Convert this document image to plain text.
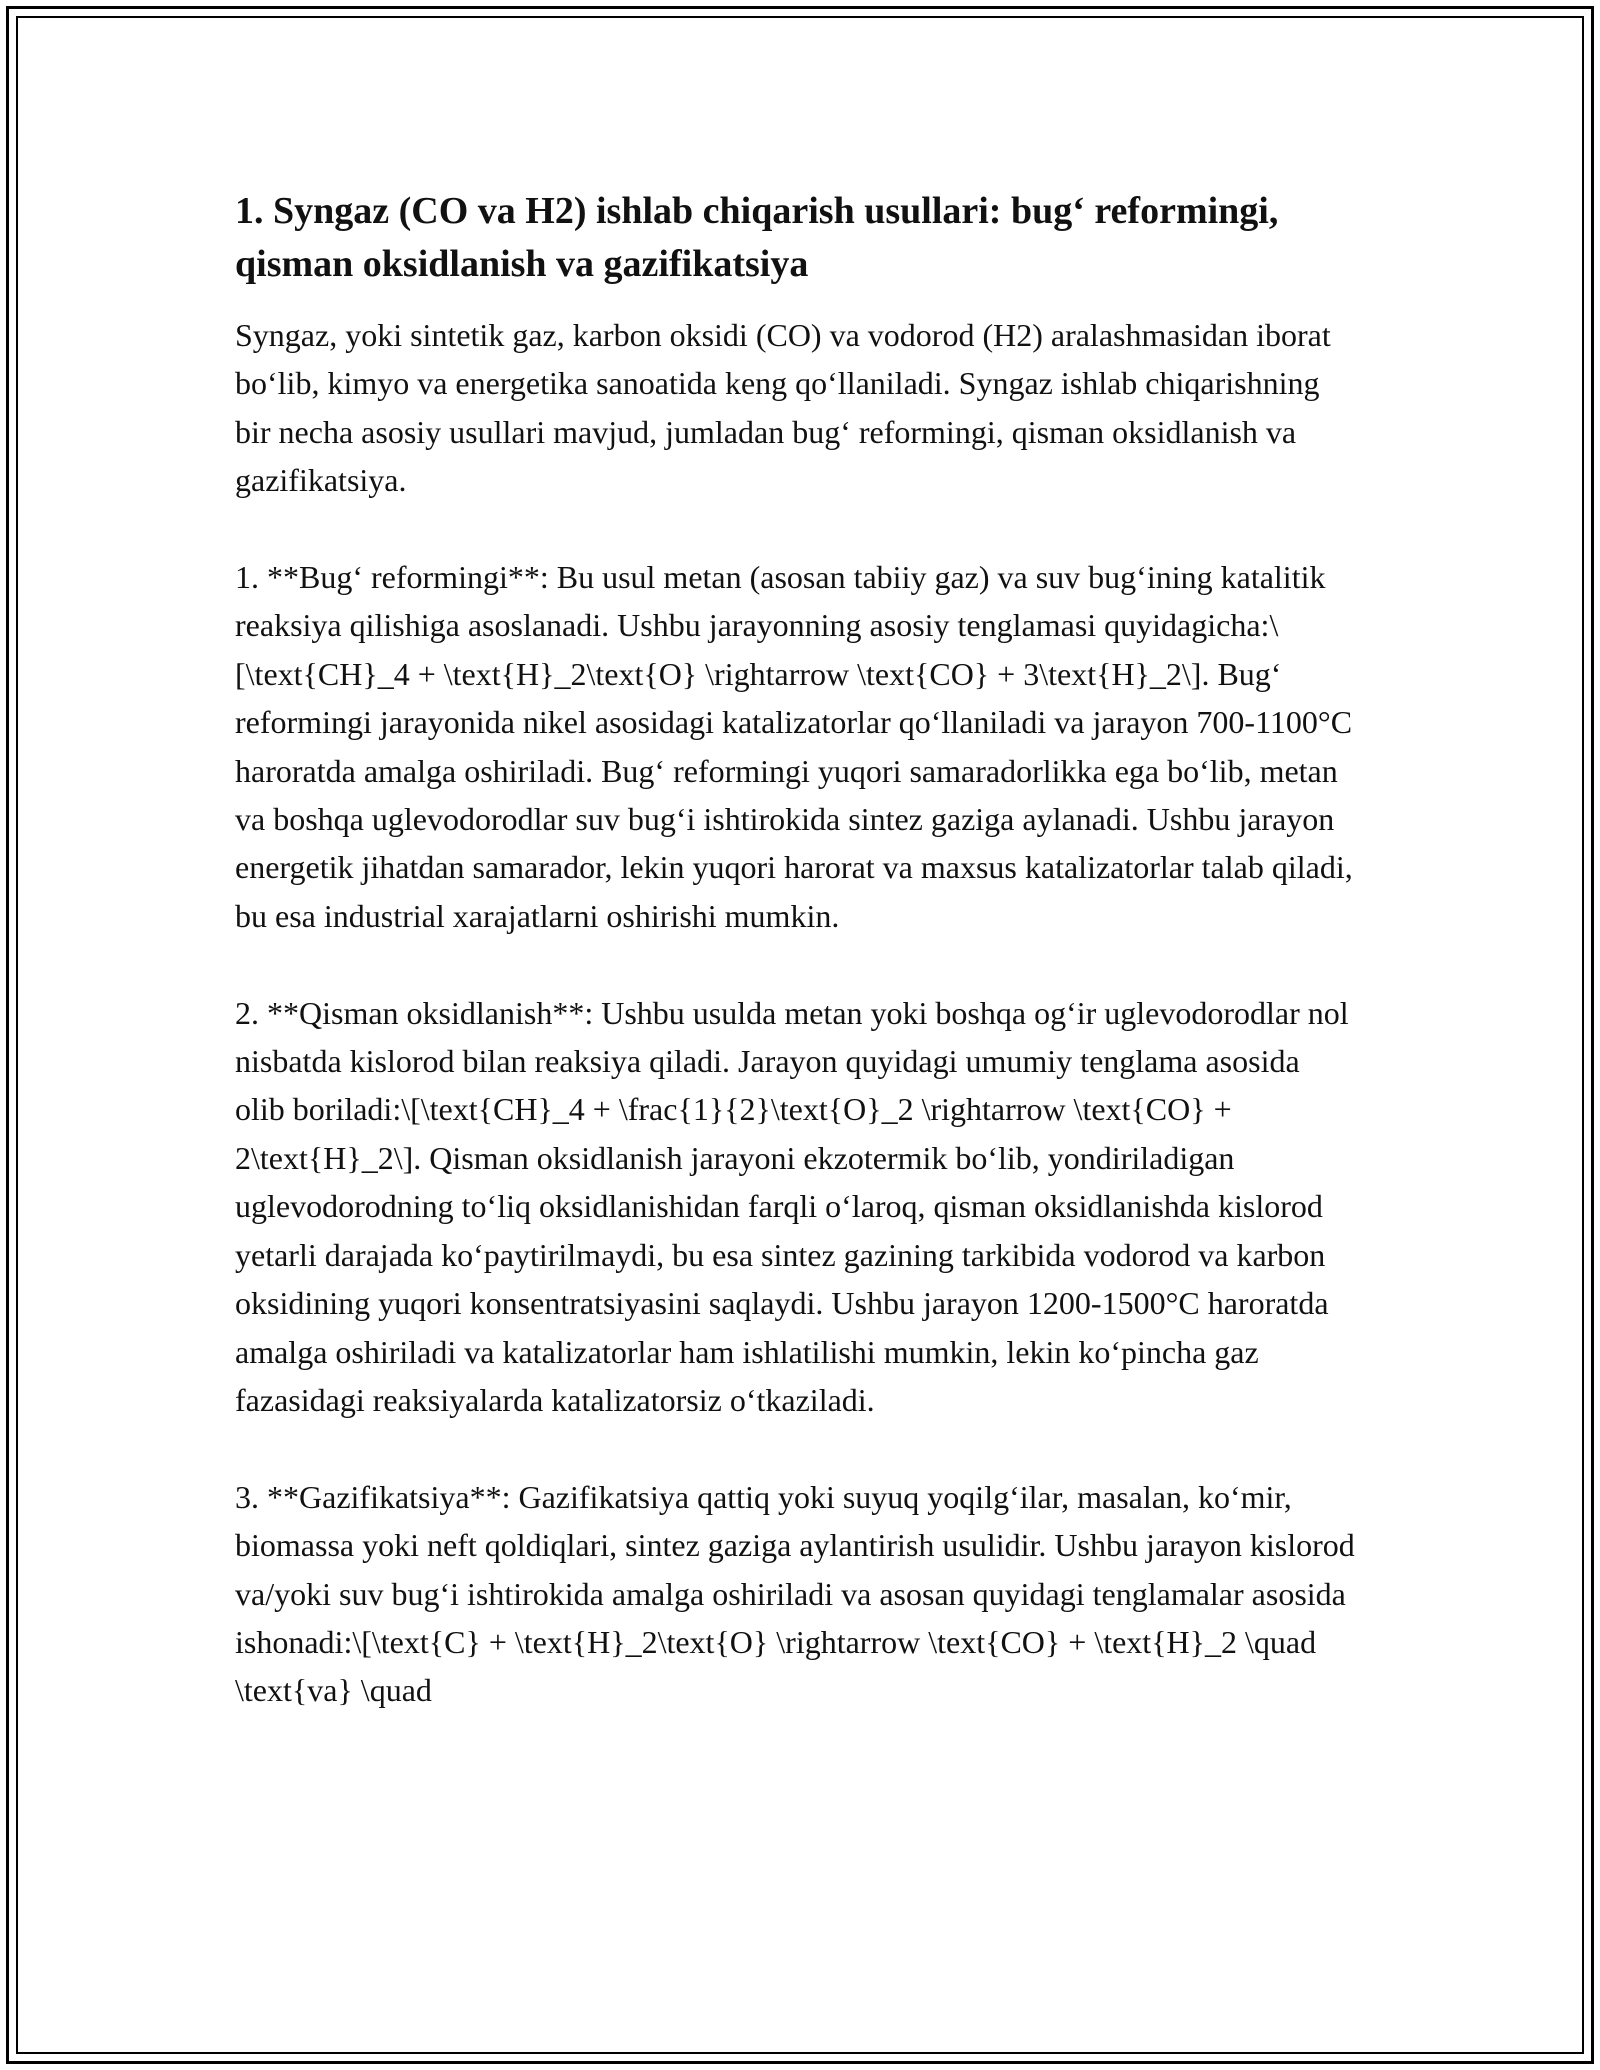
1. Syngaz (CO va H2) ishlab chiqarish usullari: bug‘ reformingi, qisman oksidlanish va gazifikatsiya

Syngaz, yoki sintetik gaz, karbon oksidi (CO) va vodorod (H2) aralashmasidan iborat bo‘lib, kimyo va energetika sanoatida keng qo‘llaniladi. Syngaz ishlab chiqarishning bir necha asosiy usullari mavjud, jumladan bug‘ reformingi, qisman oksidlanish va gazifikatsiya.

1. **Bug‘ reformingi**: Bu usul metan (asosan tabiiy gaz) va suv bug‘ining katalitik reaksiya qilishiga asoslanadi. Ushbu jarayonning asosiy tenglamasi quyidagicha:\[\text{CH}_4 + \text{H}_2\text{O} \rightarrow \text{CO} + 3\text{H}_2\]. Bug‘ reformingi jarayonida nikel asosidagi katalizatorlar qo‘llaniladi va jarayon 700-1100°C haroratda amalga oshiriladi. Bug‘ reformingi yuqori samaradorlikka ega bo‘lib, metan va boshqa uglevodorodlar suv bug‘i ishtirokida sintez gaziga aylanadi. Ushbu jarayon energetik jihatdan samarador, lekin yuqori harorat va maxsus katalizatorlar talab qiladi, bu esa industrial xarajatlarni oshirishi mumkin.

2. **Qisman oksidlanish**: Ushbu usulda metan yoki boshqa og‘ir uglevodorodlar nol nisbatda kislorod bilan reaksiya qiladi. Jarayon quyidagi umumiy tenglama asosida olib boriladi:\[\text{CH}_4 + \frac{1}{2}\text{O}_2 \rightarrow \text{CO} + 2\text{H}_2\]. Qisman oksidlanish jarayoni ekzotermik bo‘lib, yondiriladigan uglevodorodning to‘liq oksidlanishidan farqli o‘laroq, qisman oksidlanishda kislorod yetarli darajada ko‘paytirilmaydi, bu esa sintez gazining tarkibida vodorod va karbon oksidining yuqori konsentratsiyasini saqlaydi. Ushbu jarayon 1200-1500°C haroratda amalga oshiriladi va katalizatorlar ham ishlatilishi mumkin, lekin ko‘pincha gaz fazasidagi reaksiyalarda katalizatorsiz o‘tkaziladi.

3. **Gazifikatsiya**: Gazifikatsiya qattiq yoki suyuq yoqilg‘ilar, masalan, ko‘mir, biomassa yoki neft qoldiqlari, sintez gaziga aylantirish usulidir. Ushbu jarayon kislorod va/yoki suv bug‘i ishtirokida amalga oshiriladi va asosan quyidagi tenglamalar asosida ishonadi:\[\text{C} + \text{H}_2\text{O} \rightarrow \text{CO} + \text{H}_2 \quad \text{va} \quad
